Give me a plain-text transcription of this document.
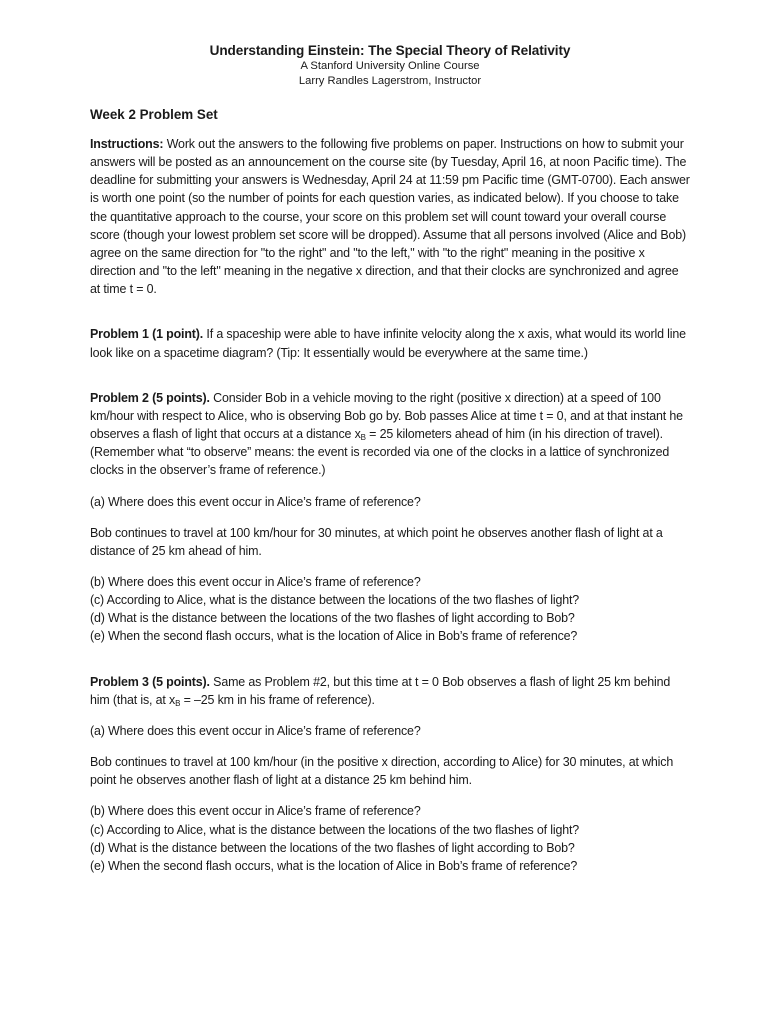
Understanding Einstein: The Special Theory of Relativity
A Stanford University Online Course
Larry Randles Lagerstrom, Instructor
Week 2 Problem Set

Instructions: Work out the answers to the following five problems on paper. Instructions on how to submit your answers will be posted as an announcement on the course site (by Tuesday, April 16, at noon Pacific time). The deadline for submitting your answers is Wednesday, April 24 at 11:59 pm Pacific time (GMT-0700). Each answer is worth one point (so the number of points for each question varies, as indicated below). If you choose to take the quantitative approach to the course, your score on this problem set will count toward your overall course score (though your lowest problem set score will be dropped). Assume that all persons involved (Alice and Bob) agree on the same direction for "to the right" and "to the left," with "to the right" meaning in the positive x direction and "to the left" meaning in the negative x direction, and that their clocks are synchronized and agree at time t = 0.

Problem 1 (1 point). If a spaceship were able to have infinite velocity along the x axis, what would its world line look like on a spacetime diagram? (Tip: It essentially would be everywhere at the same time.)

Problem 2 (5 points). Consider Bob in a vehicle moving to the right (positive x direction) at a speed of 100 km/hour with respect to Alice, who is observing Bob go by. Bob passes Alice at time t = 0, and at that instant he observes a flash of light that occurs at a distance $x_B = 25$ kilometers ahead of him (in his direction of travel). (Remember what “to observe” means: the event is recorded via one of the clocks in a lattice of synchronized clocks in the observer’s frame of reference.)

(a) Where does this event occur in Alice’s frame of reference?

Bob continues to travel at 100 km/hour for 30 minutes, at which point he observes another flash of light at a distance of 25 km ahead of him.

(b) Where does this event occur in Alice’s frame of reference?

(c) According to Alice, what is the distance between the locations of the two flashes of light?

(d) What is the distance between the locations of the two flashes of light according to Bob?

(e) When the second flash occurs, what is the location of Alice in Bob’s frame of reference?

Problem 3 (5 points). Same as Problem #2, but this time at t = 0 Bob observes a flash of light 25 km behind him (that is, at $x_B = -25$ km in his frame of reference).

(a) Where does this event occur in Alice’s frame of reference?

Bob continues to travel at 100 km/hour (in the positive x direction, according to Alice) for 30 minutes, at which point he observes another flash of light at a distance 25 km behind him.

(b) Where does this event occur in Alice’s frame of reference?

(c) According to Alice, what is the distance between the locations of the two flashes of light?

(d) What is the distance between the locations of the two flashes of light according to Bob?

(e) When the second flash occurs, what is the location of Alice in Bob’s frame of reference?
